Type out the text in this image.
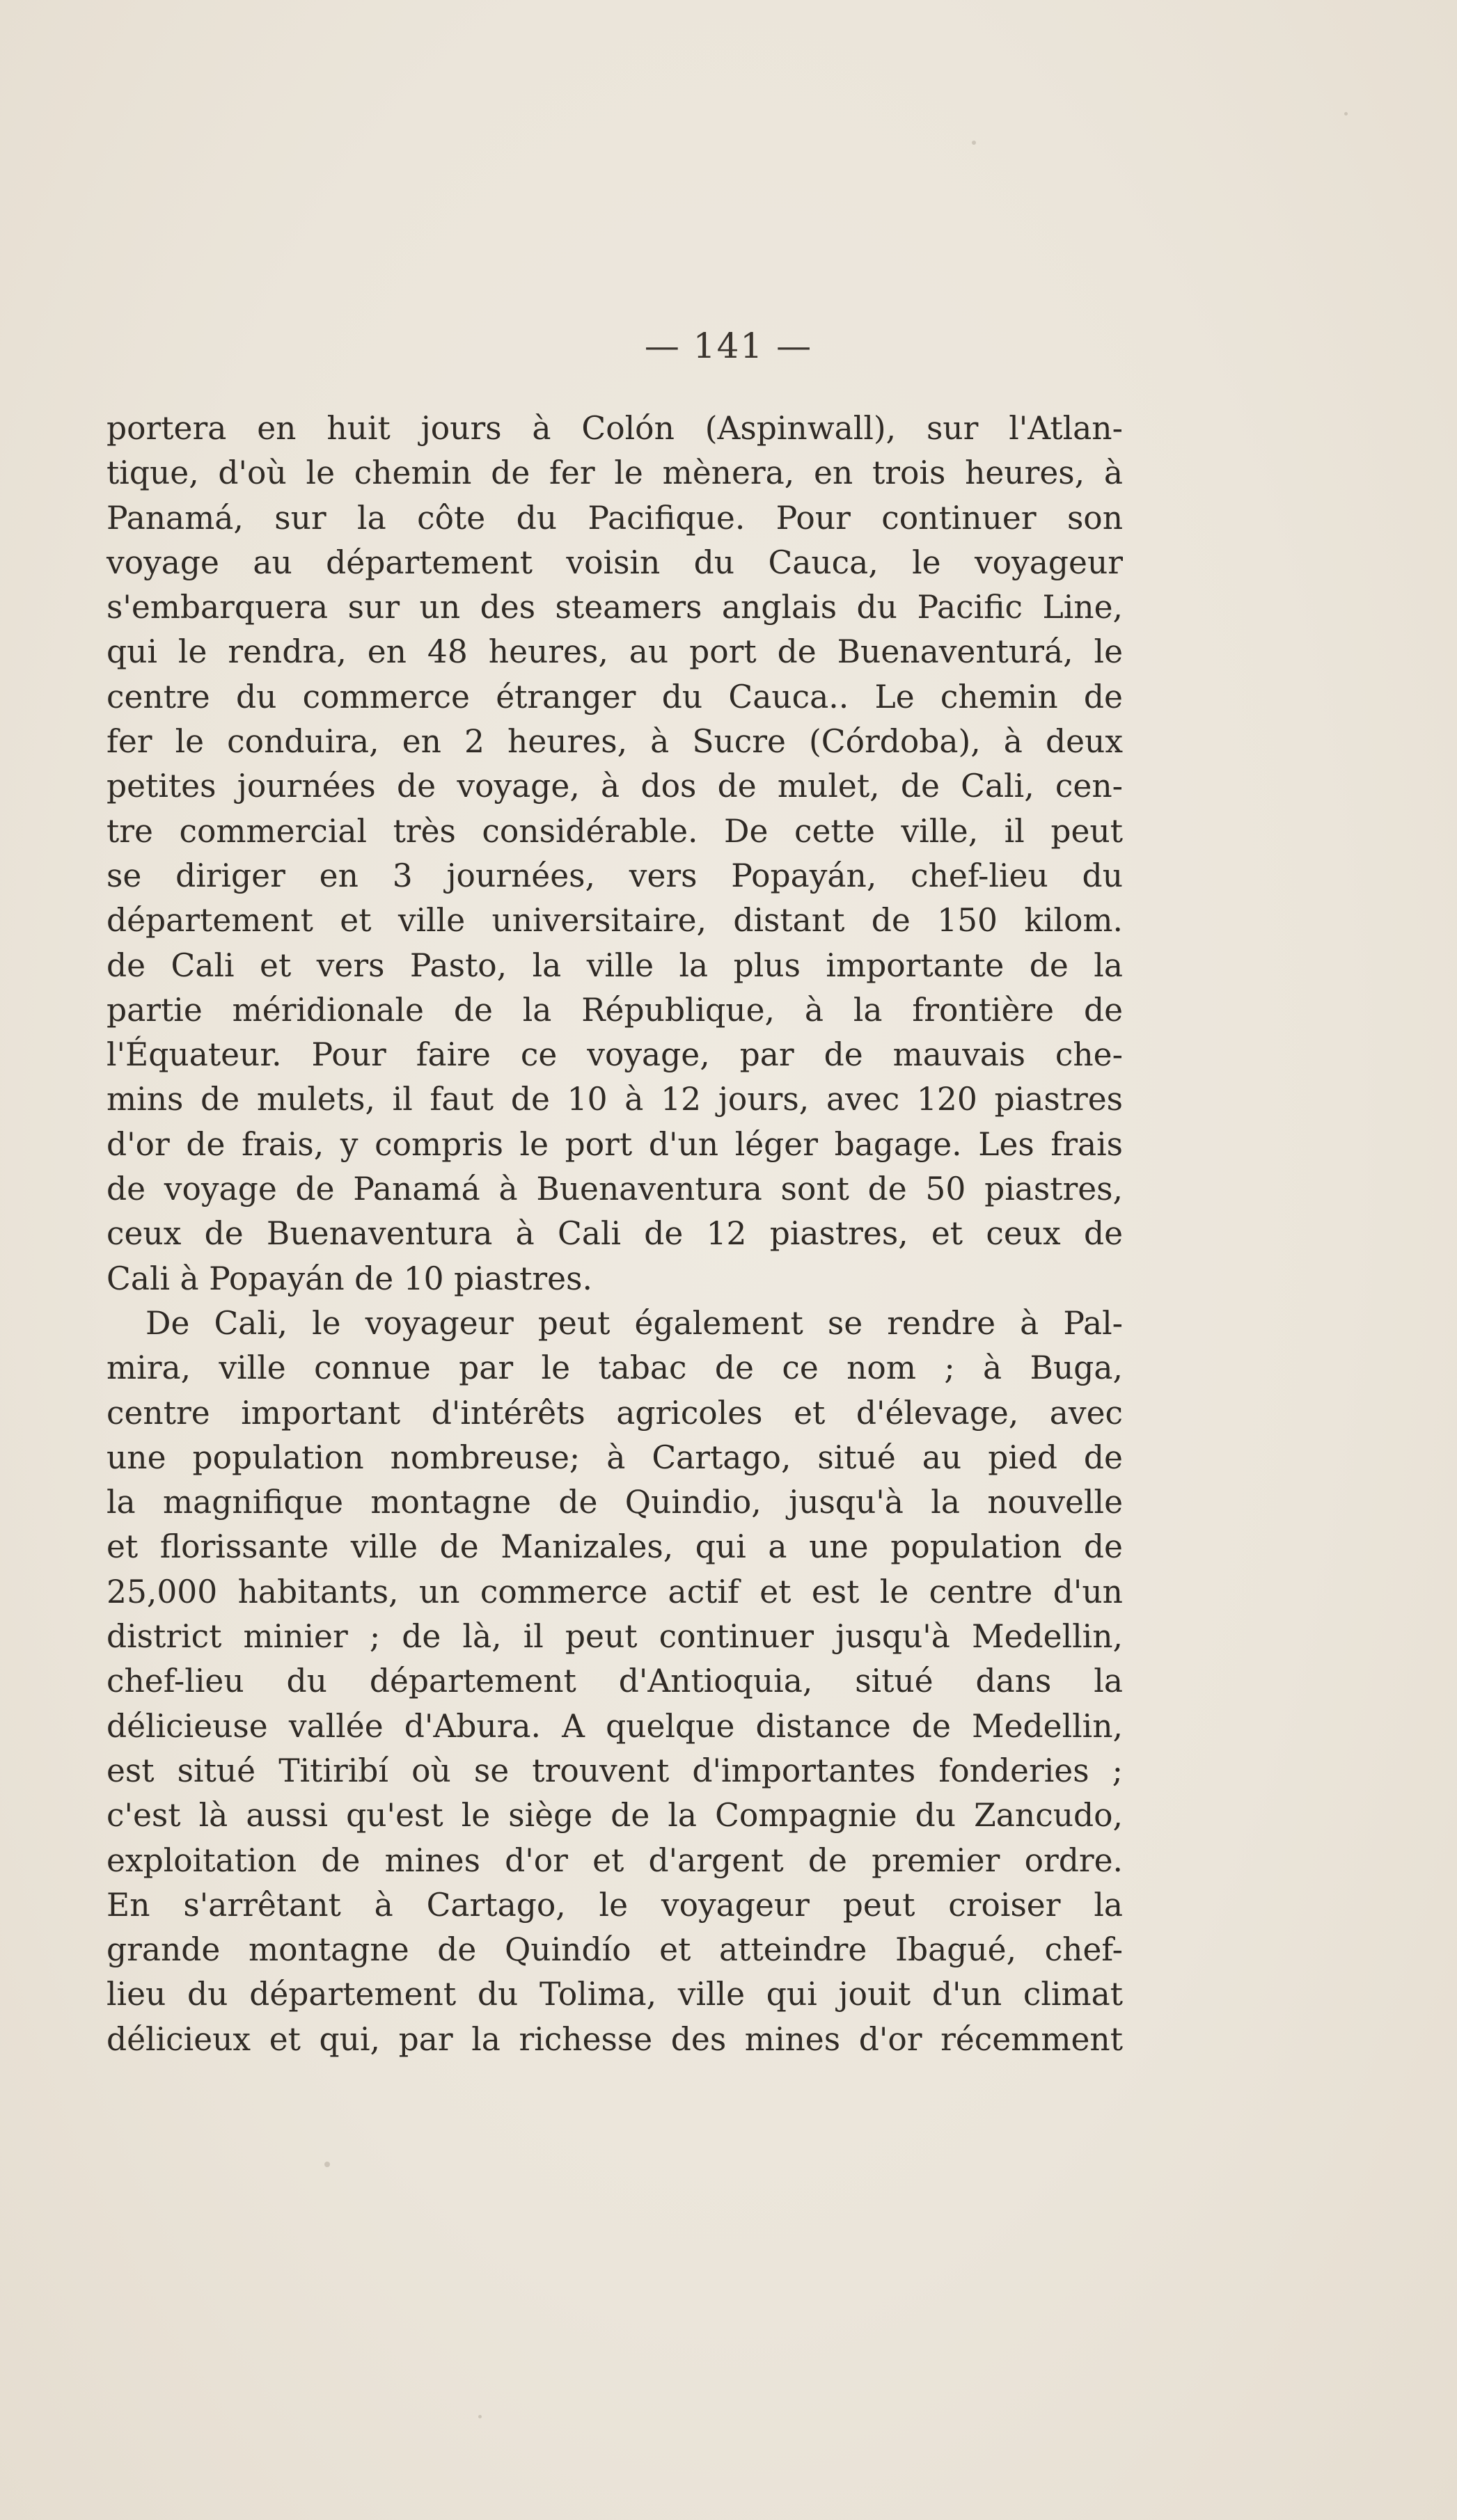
— 141 —
portera en huit jours à Colón (Aspinwall), sur l'Atlan-
tique, d'où le chemin de fer le mènera, en trois heures, à
Panamá, sur la côte du Pacifique. Pour continuer son
voyage au département voisin du Cauca, le voyageur
s'embarquera sur un des steamers anglais du Pacific Line,
qui le rendra, en 48 heures, au port de Buenaventurá, le
centre du commerce étranger du Cauca.. Le chemin de
fer le conduira, en 2 heures, à Sucre (Córdoba), à deux
petites journées de voyage, à dos de mulet, de Cali, cen-
tre commercial très considérable. De cette ville, il peut
se diriger en 3 journées, vers Popayán, chef-lieu du
département et ville universitaire, distant de 150 kilom.
de Cali et vers Pasto, la ville la plus importante de la
partie méridionale de la République, à la frontière de
l'Équateur. Pour faire ce voyage, par de mauvais che-
mins de mulets, il faut de 10 à 12 jours, avec 120 piastres
d'or de frais, y compris le port d'un léger bagage. Les frais
de voyage de Panamá à Buenaventura sont de 50 piastres,
ceux de Buenaventura à Cali de 12 piastres, et ceux de
Cali à Popayán de 10 piastres.
De Cali, le voyageur peut également se rendre à Pal-
mira, ville connue par le tabac de ce nom ; à Buga,
centre important d'intérêts agricoles et d'élevage, avec
une population nombreuse; à Cartago, situé au pied de
la magnifique montagne de Quindio, jusqu'à la nouvelle
et florissante ville de Manizales, qui a une population de
25,000 habitants, un commerce actif et est le centre d'un
district minier ; de là, il peut continuer jusqu'à Medellin,
chef-lieu du département d'Antioquia, situé dans la
délicieuse vallée d'Abura. A quelque distance de Medellin,
est situé Titiribí où se trouvent d'importantes fonderies ;
c'est là aussi qu'est le siège de la Compagnie du Zancudo,
exploitation de mines d'or et d'argent de premier ordre.
En s'arrêtant à Cartago, le voyageur peut croiser la
grande montagne de Quindío et atteindre Ibagué, chef-
lieu du département du Tolima, ville qui jouit d'un climat
délicieux et qui, par la richesse des mines d'or récemment
